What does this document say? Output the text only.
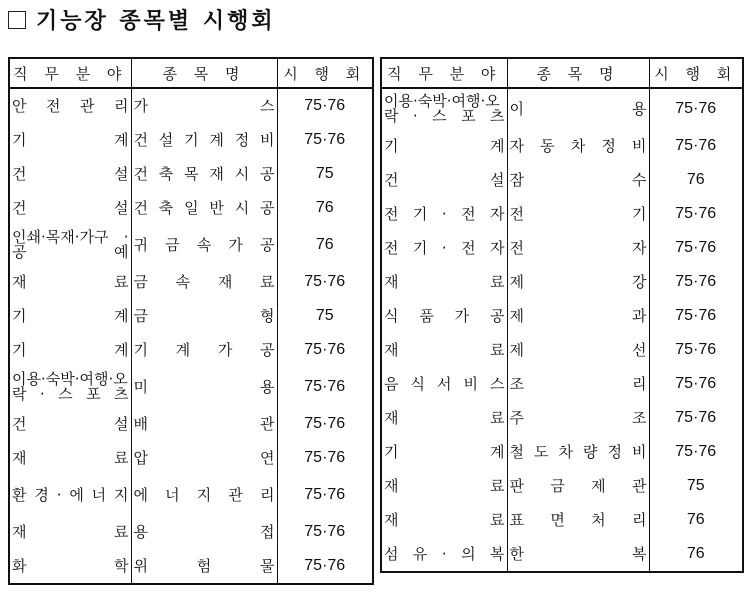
기능장 종목별 시행회
직 무 분 야	종 목 명	시 행 회
안 전 관 리	가 스	75·76
기 계	건 설 기 계 정 비	75·76
건 설	건 축 목 재 시 공	75
건 설	건 축 일 반 시 공	76
인쇄·목재·가구 · 공 예	귀 금 속 가 공	76
재 료	금 속 재 료	75·76
기 계	금 형	75
기 계	기 계 가 공	75·76
이용·숙박·여행·오 락 · 스 포 츠	미 용	75·76
건 설	배 관	75·76
재 료	압 연	75·76
환 경 · 에 너 지	에 너 지 관 리	75·76
재 료	용 접	75·76
화 학	위 험 물	75·76
직 무 분 야	종 목 명	시 행 회
이용·숙박·여행·오 락 · 스 포 츠	이 용	75·76
기 계	자 동 차 정 비	75·76
건 설	잠 수	76
전 기 · 전 자	전 기	75·76
전 기 · 전 자	전 자	75·76
재 료	제 강	75·76
식 품 가 공	제 과	75·76
재 료	제 선	75·76
음 식 서 비 스	조 리	75·76
재 료	주 조	75·76
기 계	철 도 차 량 정 비	75·76
재 료	판 금 제 관	75
재 료	표 면 처 리	76
섬 유 · 의 복	한 복	76
